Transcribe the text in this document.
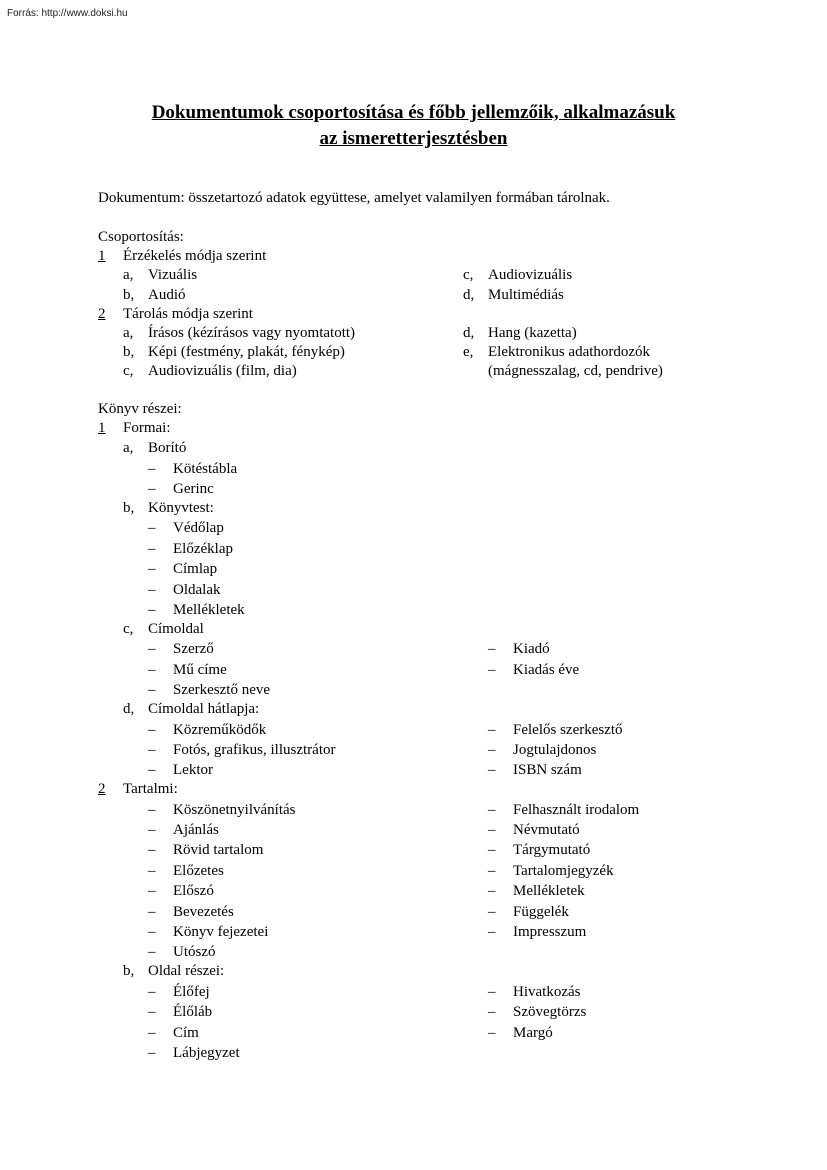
Forrás: http://www.doksi.hu
Dokumentumok csoportosítása és főbb jellemzőik, alkalmazásuk
az ismeretterjesztésben
Dokumentum: összetartozó adatok együttese, amelyet valamilyen formában tárolnak.
Csoportosítás:
1 Érzékelés módja szerint
a, Vizuális	c, Audiovizuális
b, Audió	d, Multimédiás
2 Tárolás módja szerint
a, Írásos (kézírásos vagy nyomtatott)	d, Hang (kazetta)
b, Képi (festmény, plakát, fénykép)	e, Elektronikus adathordozók
c, Audiovizuális (film, dia)	(mágnesszalag, cd, pendrive)
Könyv részei:
1 Formai:
a, Borító
– Kötéstábla
– Gerinc
b, Könyvtest:
– Védőlap
– Előzéklap
– Címlap
– Oldalak
– Mellékletek
c, Címoldal
– Szerző	– Kiadó
– Mű címe	– Kiadás éve
– Szerkesztő neve
d, Címoldal hátlapja:
– Közreműködők	– Felelős szerkesztő
– Fotós, grafikus, illusztrátor	– Jogtulajdonos
– Lektor	– ISBN szám
2 Tartalmi:
– Köszönetnyilvánítás	– Felhasznált irodalom
– Ajánlás	– Névmutató
– Rövid tartalom	– Tárgymutató
– Előzetes	– Tartalomjegyzék
– Előszó	– Mellékletek
– Bevezetés	– Függelék
– Könyv fejezetei	– Impresszum
– Utószó
b, Oldal részei:
– Élőfej	– Hivatkozás
– Élőláb	– Szövegtörzs
– Cím	– Margó
– Lábjegyzet
